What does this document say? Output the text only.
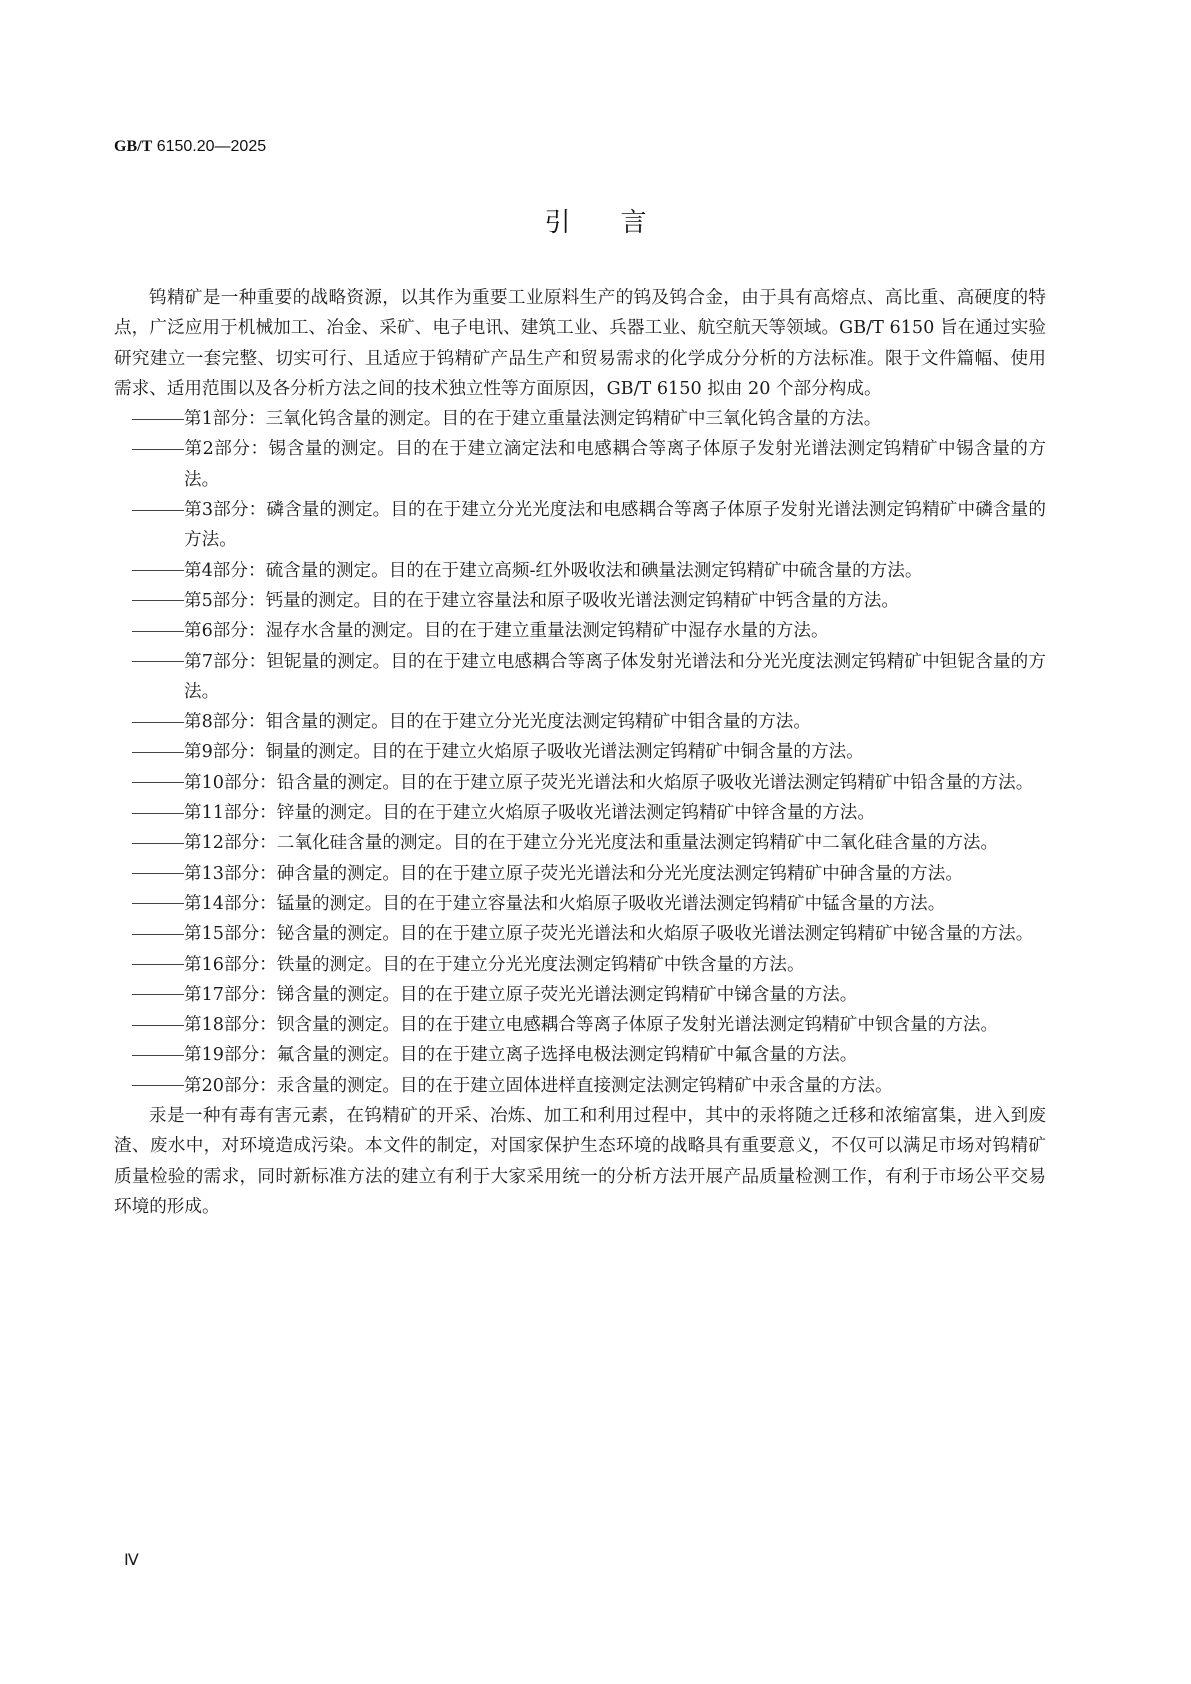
GB/T 6150.20—2025
引言

钨精矿是一种重要的战略资源，以其作为重要工业原料生产的钨及钨合金，由于具有高熔点、高比重、高硬度的特点，广泛应用于机械加工、冶金、采矿、电子电讯、建筑工业、兵器工业、航空航天等领域。GB/T 6150 旨在通过实验研究建立一套完整、切实可行、且适应于钨精矿产品生产和贸易需求的化学成分分析的方法标准。限于文件篇幅、使用需求、适用范围以及各分析方法之间的技术独立性等方面原因，GB/T 6150 拟由 20 个部分构成。

第1部分：三氧化钨含量的测定。目的在于建立重量法测定钨精矿中三氧化钨含量的方法。

第2部分：锡含量的测定。目的在于建立滴定法和电感耦合等离子体原子发射光谱法测定钨精矿中锡含量的方法。

第3部分：磷含量的测定。目的在于建立分光光度法和电感耦合等离子体原子发射光谱法测定钨精矿中磷含量的方法。

第4部分：硫含量的测定。目的在于建立高频-红外吸收法和碘量法测定钨精矿中硫含量的方法。

第5部分：钙量的测定。目的在于建立容量法和原子吸收光谱法测定钨精矿中钙含量的方法。

第6部分：湿存水含量的测定。目的在于建立重量法测定钨精矿中湿存水量的方法。

第7部分：钽铌量的测定。目的在于建立电感耦合等离子体发射光谱法和分光光度法测定钨精矿中钽铌含量的方法。

第8部分：钼含量的测定。目的在于建立分光光度法测定钨精矿中钼含量的方法。

第9部分：铜量的测定。目的在于建立火焰原子吸收光谱法测定钨精矿中铜含量的方法。

第10部分：铅含量的测定。目的在于建立原子荧光光谱法和火焰原子吸收光谱法测定钨精矿中铅含量的方法。

第11部分：锌量的测定。目的在于建立火焰原子吸收光谱法测定钨精矿中锌含量的方法。

第12部分：二氧化硅含量的测定。目的在于建立分光光度法和重量法测定钨精矿中二氧化硅含量的方法。

第13部分：砷含量的测定。目的在于建立原子荧光光谱法和分光光度法测定钨精矿中砷含量的方法。

第14部分：锰量的测定。目的在于建立容量法和火焰原子吸收光谱法测定钨精矿中锰含量的方法。

第15部分：铋含量的测定。目的在于建立原子荧光光谱法和火焰原子吸收光谱法测定钨精矿中铋含量的方法。

第16部分：铁量的测定。目的在于建立分光光度法测定钨精矿中铁含量的方法。

第17部分：锑含量的测定。目的在于建立原子荧光光谱法测定钨精矿中锑含量的方法。

第18部分：钡含量的测定。目的在于建立电感耦合等离子体原子发射光谱法测定钨精矿中钡含量的方法。

第19部分：氟含量的测定。目的在于建立离子选择电极法测定钨精矿中氟含量的方法。

第20部分：汞含量的测定。目的在于建立固体进样直接测定法测定钨精矿中汞含量的方法。

汞是一种有毒有害元素，在钨精矿的开采、冶炼、加工和利用过程中，其中的汞将随之迁移和浓缩富集，进入到废渣、废水中，对环境造成污染。本文件的制定，对国家保护生态环境的战略具有重要意义，不仅可以满足市场对钨精矿质量检验的需求，同时新标准方法的建立有利于大家采用统一的分析方法开展产品质量检测工作，有利于市场公平交易环境的形成。

Ⅳ
